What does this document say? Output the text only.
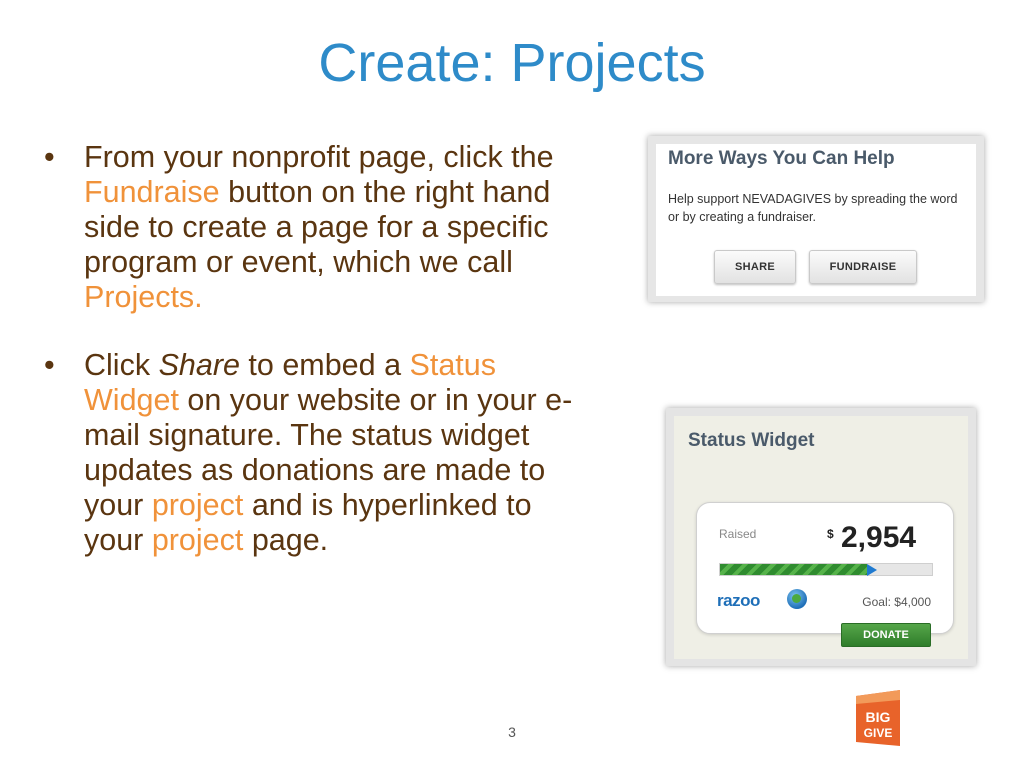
Create: Projects
• From your nonprofit page, click the Fundraise button on the right hand side to create a page for a specific program or event, which we call Projects.
• Click Share to embed a Status Widget on your website or in your e-mail signature. The status widget updates as donations are made to your project and is hyperlinked to your project page.
More Ways You Can Help
Help support NEVADAGIVES by spreading the word or by creating a fundraiser.
SHARE	FUNDRAISE
Status Widget
Raised	$ 2,954
razoo	Goal: $4,000
DONATE
3
BIG
GIVE
